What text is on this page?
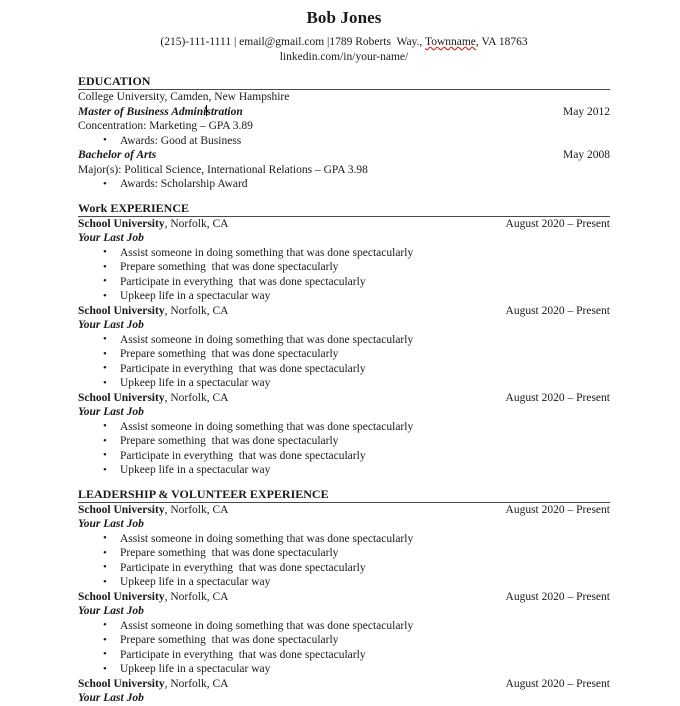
Bob Jones
(215)-111-1111 | email@gmail.com |1789 Roberts  Way., Townname, VA 18763
linkedin.com/in/your-name/
EDUCATION
College University, Camden, New Hampshire
Master of Business Administration	May 2012
Concentration: Marketing – GPA 3.89
• Awards: Good at Business
Bachelor of Arts	May 2008
Major(s): Political Science, International Relations – GPA 3.98
• Awards: Scholarship Award
Work EXPERIENCE
School University, Norfolk, CA	August 2020 – Present
Your Last Job
• Assist someone in doing something that was done spectacularly
• Prepare something  that was done spectacularly
• Participate in everything  that was done spectacularly
• Upkeep life in a spectacular way
School University, Norfolk, CA	August 2020 – Present
Your Last Job
• Assist someone in doing something that was done spectacularly
• Prepare something  that was done spectacularly
• Participate in everything  that was done spectacularly
• Upkeep life in a spectacular way
School University, Norfolk, CA	August 2020 – Present
Your Last Job
• Assist someone in doing something that was done spectacularly
• Prepare something  that was done spectacularly
• Participate in everything  that was done spectacularly
• Upkeep life in a spectacular way
LEADERSHIP & VOLUNTEER EXPERIENCE
School University, Norfolk, CA	August 2020 – Present
Your Last Job
• Assist someone in doing something that was done spectacularly
• Prepare something  that was done spectacularly
• Participate in everything  that was done spectacularly
• Upkeep life in a spectacular way
School University, Norfolk, CA	August 2020 – Present
Your Last Job
• Assist someone in doing something that was done spectacularly
• Prepare something  that was done spectacularly
• Participate in everything  that was done spectacularly
• Upkeep life in a spectacular way
School University, Norfolk, CA	August 2020 – Present
Your Last Job
